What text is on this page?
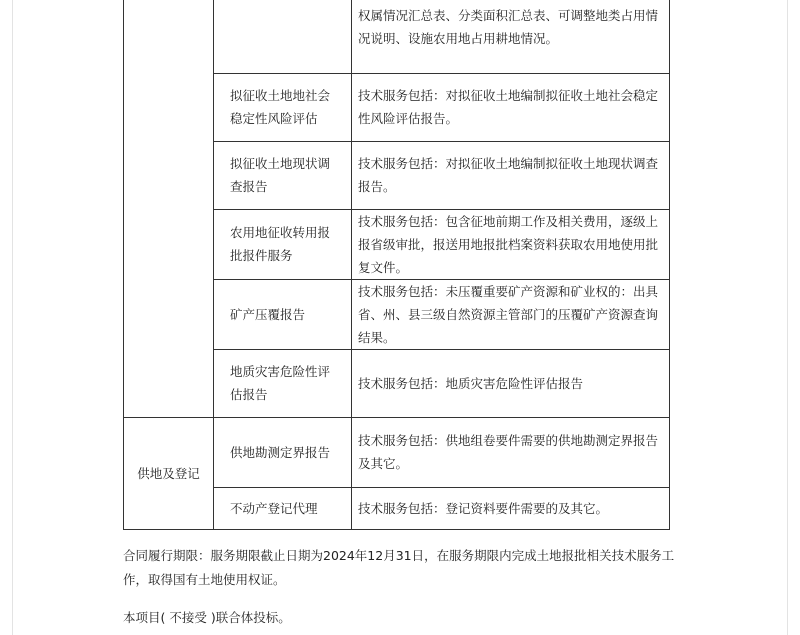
		权属情况汇总表、分类面积汇总表、可调整地类占用情况说明、设施农用地占用耕地情况。
	拟征收土地地社会稳定性风险评估	技术服务包括：对拟征收土地编制拟征收土地社会稳定性风险评估报告。
	拟征收土地现状调查报告	技术服务包括：对拟征收土地编制拟征收土地现状调查报告。
	农用地征收转用报批报件服务	技术服务包括：包含征地前期工作及相关费用，逐级上报省级审批，报送用地报批档案资料获取农用地使用批复文件。
	矿产压覆报告	技术服务包括：未压覆重要矿产资源和矿业权的：出具省、州、县三级自然资源主管部门的压覆矿产资源查询结果。
	地质灾害危险性评估报告	技术服务包括：地质灾害危险性评估报告
供地及登记	供地勘测定界报告	技术服务包括：供地组卷要件需要的供地勘测定界报告及其它。
	不动产登记代理	技术服务包括：登记资料要件需要的及其它。

合同履行期限：服务期限截止日期为2024年12月31日，在服务期限内完成土地报批相关技术服务工作，取得国有土地使用权证。

本项目( 不接受 )联合体投标。
